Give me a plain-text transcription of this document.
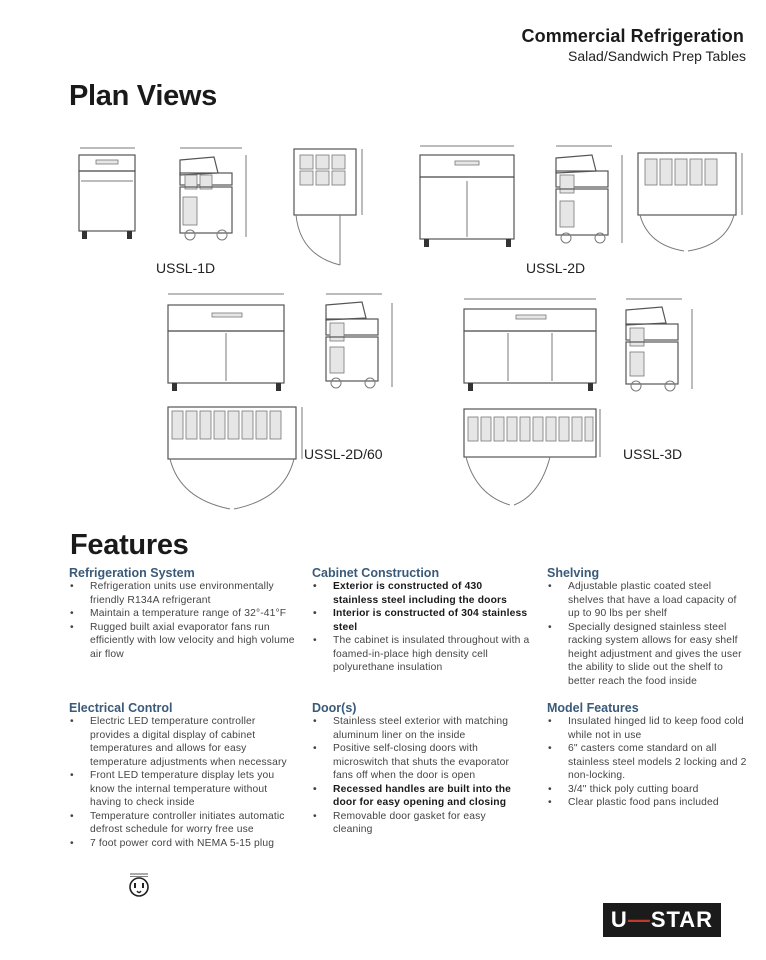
Commercial Refrigeration
Salad/Sandwich Prep Tables
Plan Views
USSL-1D	USSL-2D
USSL-2D/60	USSL-3D
Features
Refrigeration System
• Refrigeration units use environmentally friendly R134A refrigerant
• Maintain a temperature range of 32°-41°F
• Rugged built axial evaporator fans run efficiently with low velocity and high volume air flow
Cabinet Construction
• Exterior is constructed of 430 stainless steel including the doors
• Interior is constructed of 304 stainless steel
• The cabinet is insulated throughout with a foamed-in-place high density cell polyurethane insulation
Shelving
• Adjustable plastic coated steel shelves that have a load capacity of up to 90 lbs per shelf
• Specially designed stainless steel racking system allows for easy shelf height adjustment and gives the user the ability to slide out the shelf to better reach the food inside
Electrical Control
• Electric LED temperature controller provides a digital display of cabinet temperatures and allows for easy temperature adjustments when necessary
• Front LED temperature display lets you know the internal temperature without having to check inside
• Temperature controller initiates automatic defrost schedule for worry free use
• 7 foot power cord with NEMA 5-15 plug
Door(s)
• Stainless steel exterior with matching aluminum liner on the inside
• Positive self-closing doors with microswitch that shuts the evaporator fans off when the door is open
• Recessed handles are built into the door for easy opening and closing
• Removable door gasket for easy cleaning
Model Features
• Insulated hinged lid to keep food cold while not in use
• 6" casters come standard on all stainless steel models 2 locking and 2 non-locking.
• 3/4" thick poly cutting board
• Clear plastic food pans included
U — STAR
